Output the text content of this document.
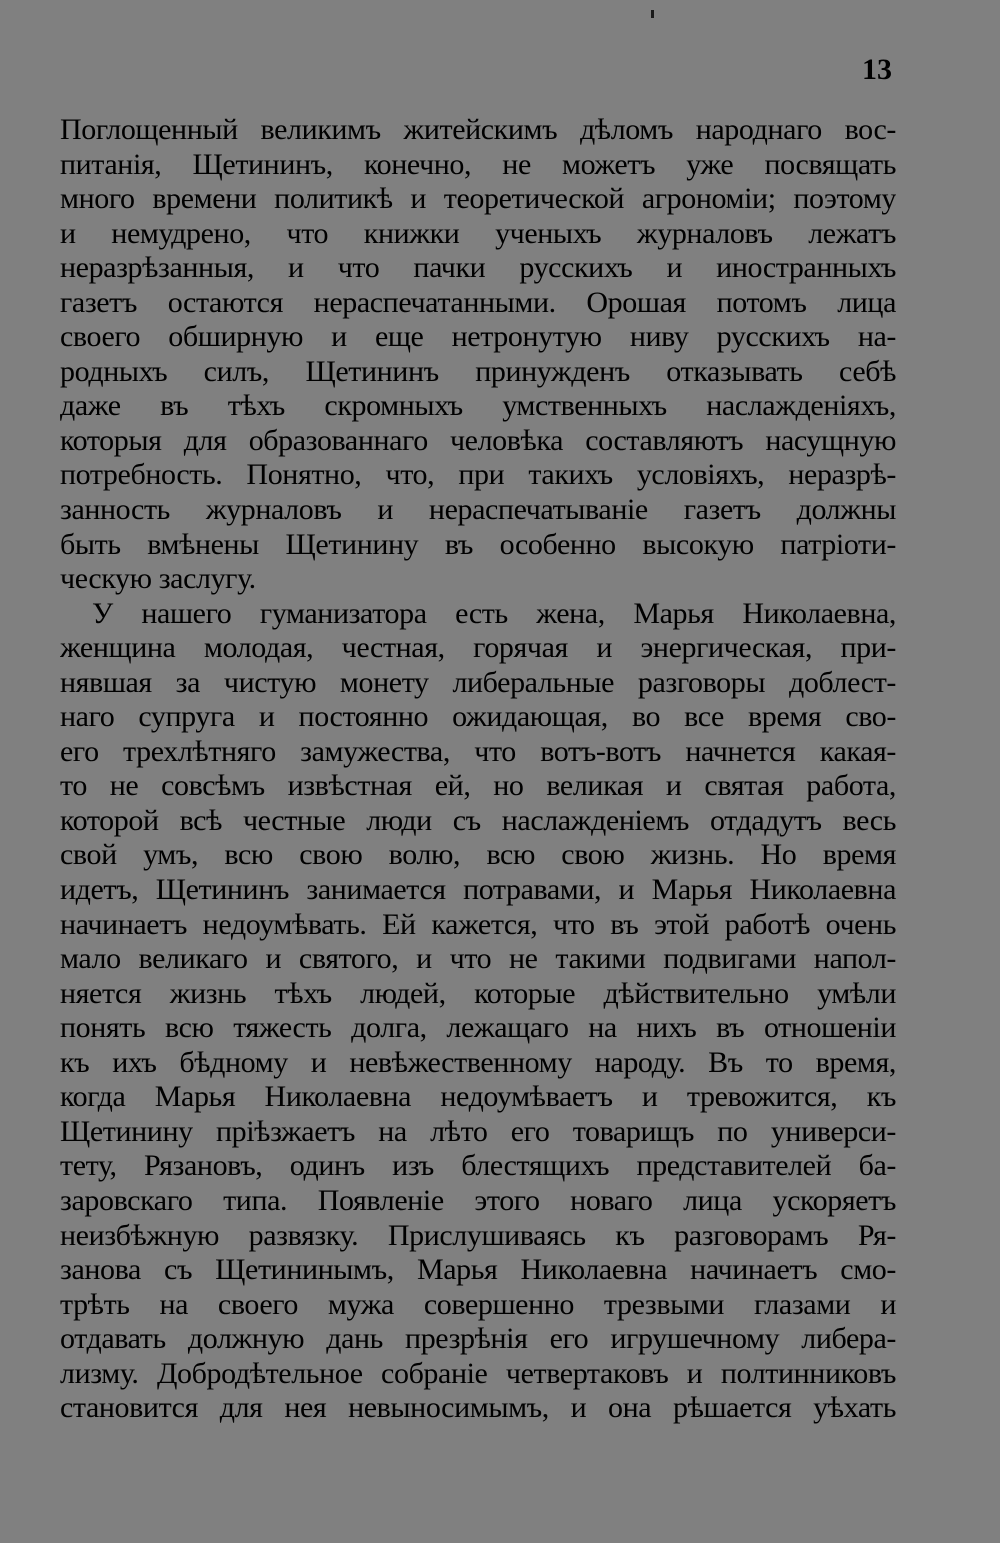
13
Поглощенный великимъ житейскимъ дѣломъ народнаго вос-
питанія, Щетининъ, конечно, не можетъ уже посвящать
много времени политикѣ и теоретической агрономіи; поэтому
и немудрено, что книжки ученыхъ журналовъ лежатъ
неразрѣзанныя, и что пачки русскихъ и иностранныхъ
газетъ остаются нераспечатанными. Орошая потомъ лица
своего обширную и еще нетронутую ниву русскихъ на-
родныхъ силъ, Щетининъ принужденъ отказывать себѣ
даже въ тѣхъ скромныхъ умственныхъ наслажденіяхъ,
которыя для образованнаго человѣка составляютъ насущную
потребность. Понятно, что, при такихъ условіяхъ, неразрѣ-
занность журналовъ и нераспечатываніе газетъ должны
быть вмѣнены Щетинину въ особенно высокую патріоти-
ческую заслугу.
У нашего гуманизатора есть жена, Марья Николаевна,
женщина молодая, честная, горячая и энергическая, при-
нявшая за чистую монету либеральные разговоры доблест-
наго супруга и постоянно ожидающая, во все время сво-
его трехлѣтняго замужества, что вотъ-вотъ начнется какая-
то не совсѣмъ извѣстная ей, но великая и святая работа,
которой всѣ честные люди съ наслажденіемъ отдадутъ весь
свой умъ, всю свою волю, всю свою жизнь. Но время
идетъ, Щетининъ занимается потравами, и Марья Николаевна
начинаетъ недоумѣвать. Ей кажется, что въ этой работѣ очень
мало великаго и святого, и что не такими подвигами напол-
няется жизнь тѣхъ людей, которые дѣйствительно умѣли
понять всю тяжесть долга, лежащаго на нихъ въ отношеніи
къ ихъ бѣдному и невѣжественному народу. Въ то время,
когда Марья Николаевна недоумѣваетъ и тревожится, къ
Щетинину пріѣзжаетъ на лѣто его товарищъ по универси-
тету, Рязановъ, одинъ изъ блестящихъ представителей ба-
заровскаго типа. Появленіе этого новаго лица ускоряетъ
неизбѣжную развязку. Прислушиваясь къ разговорамъ Ря-
занова съ Щетининымъ, Марья Николаевна начинаетъ смо-
трѣть на своего мужа совершенно трезвыми глазами и
отдавать должную дань презрѣнія его игрушечному либера-
лизму. Добродѣтельное собраніе четвертаковъ и полтинниковъ
становится для нея невыносимымъ, и она рѣшается уѣхать
